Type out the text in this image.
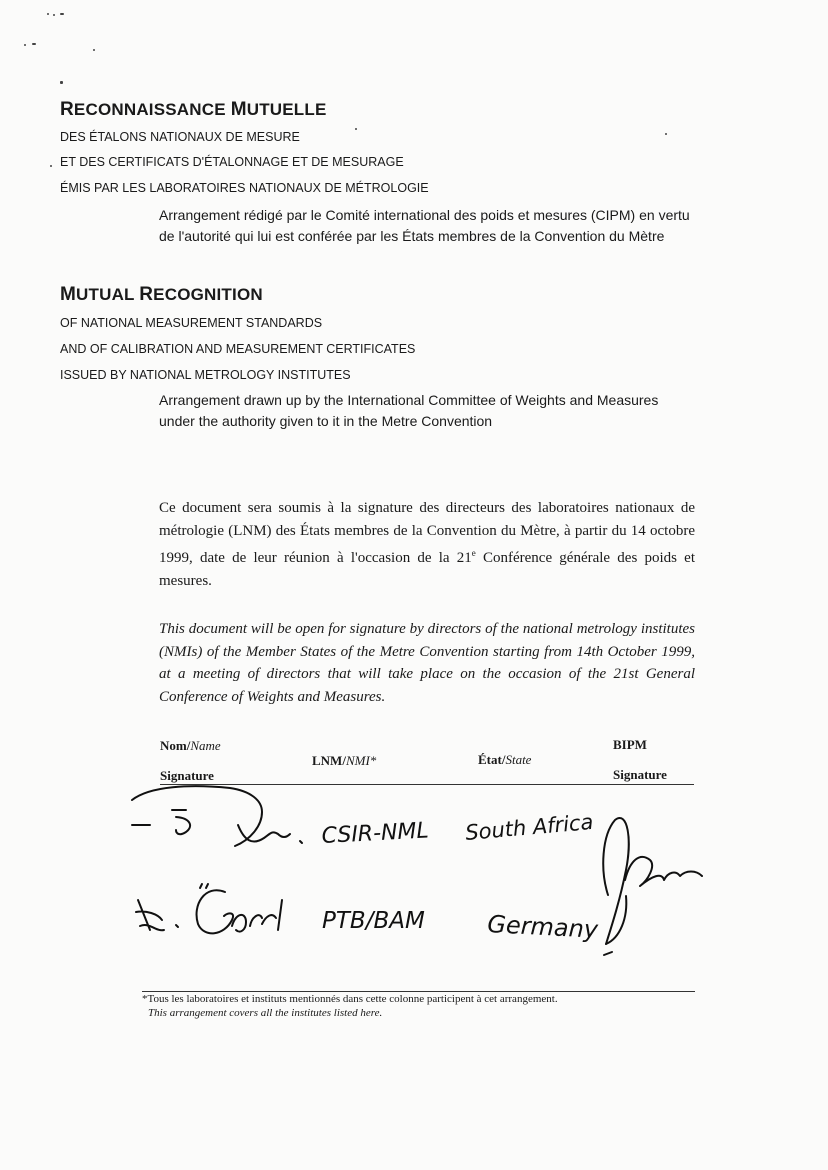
RECONNAISSANCE MUTUELLE
DES ÉTALONS NATIONAUX DE MESURE
ET DES CERTIFICATS D'ÉTALONNAGE ET DE MESURAGE
ÉMIS PAR LES LABORATOIRES NATIONAUX DE MÉTROLOGIE
Arrangement rédigé par le Comité international des poids et mesures (CIPM) en vertu
de l'autorité qui lui est conférée par les États membres de la Convention du Mètre
MUTUAL RECOGNITION
OF NATIONAL MEASUREMENT STANDARDS
AND OF CALIBRATION AND MEASUREMENT CERTIFICATES
ISSUED BY NATIONAL METROLOGY INSTITUTES
Arrangement drawn up by the International Committee of Weights and Measures
under the authority given to it in the Metre Convention
Ce document sera soumis à la signature des directeurs des laboratoires nationaux de métrologie (LNM) des États membres de la Convention du Mètre, à partir du 14 octobre 1999, date de leur réunion à l'occasion de la 21e Conférence générale des poids et mesures.
This document will be open for signature by directors of the national metrology institutes (NMIs) of the Member States of the Metre Convention starting from 14th October 1999, at a meeting of directors that will take place on the occasion of the 21st General Conference of Weights and Measures.
Nom/Name
Signature
LNM/NMI*	État/State
BIPM
Signature
CSIR-NML South Africa
PTB/BAM	Germany
*Tous les laboratoires et instituts mentionnés dans cette colonne participent à cet arrangement.
This arrangement covers all the institutes listed here.
